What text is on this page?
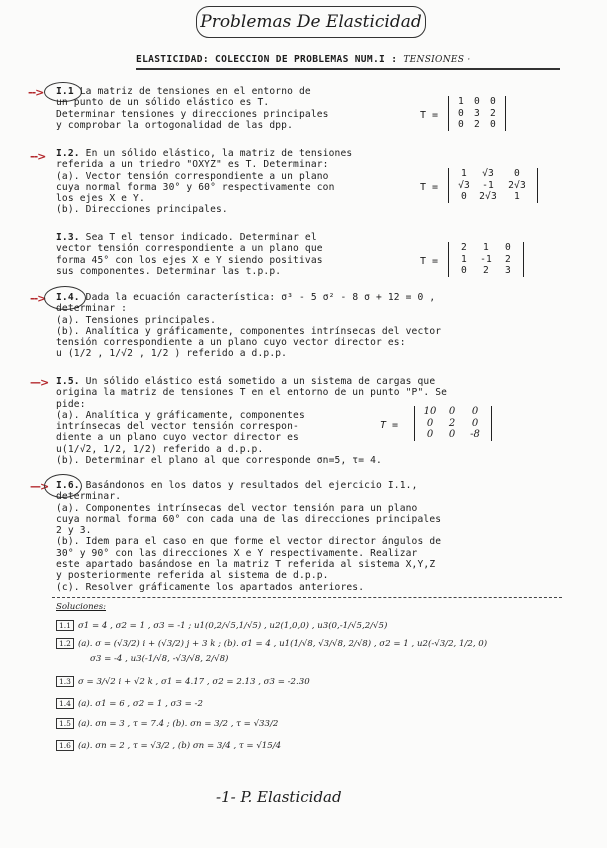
Problemas De Elasticidad
ELASTICIDAD: COLECCION DE PROBLEMAS NUM.I : TENSIONES ·
--> I.1 La matriz de tensiones en el entorno de
un punto de un sólido elástico es T.
Determinar tensiones y direcciones principales
y comprobar la ortogonalidad de las dpp.
T =
1	0	0
0	3	2
0	2	0
--> I.2. En un sólido elástico, la matriz de tensiones
referida a un triedro "OXYZ" es T. Determinar:
(a). Vector tensión correspondiente a un plano
cuya normal forma 30° y 60° respectivamente con
los ejes X e Y.
(b). Direcciones principales.
T =
1	√3	0
√3	-1	2√3
0	2√3	1
I.3. Sea T el tensor indicado. Determinar el
vector tensión correspondiente a un plano que
forma 45° con los ejes X e Y siendo positivas
sus componentes. Determinar las t.p.p.
T =
2	1	0
1	-1	2
0	2	3
--> I.4. Dada la ecuación característica: σ³ - 5 σ² - 8 σ + 12 = 0 ,
determinar :
(a). Tensiones principales.
(b). Analítica y gráficamente, componentes intrínsecas del vector
tensión correspondiente a un plano cuyo vector director es:
u (1/2 , 1/√2 , 1/2 ) referido a d.p.p.
—> I.5. Un sólido elástico está sometido a un sistema de cargas que
origina la matriz de tensiones T en el entorno de un punto "P". Se
pide:
(a). Analítica y gráficamente, componentes
intrínsecas del vector tensión correspon-
diente a un plano cuyo vector director es
u(1/√2, 1/2, 1/2) referido a d.p.p.
(b). Determinar el plano al que corresponde σn=5, τ= 4.
T =
10	0	0
0	2	0
0	0	-8
—> I.6. Basándonos en los datos y resultados del ejercicio I.1.,
determinar.
(a). Componentes intrínsecas del vector tensión para un plano
cuya normal forma 60° con cada una de las direcciones principales
2 y 3.
(b). Idem para el caso en que forme el vector director ángulos de
30° y 90° con las direcciones X e Y respectivamente. Realizar
este apartado basándose en la matriz T referida al sistema X,Y,Z
y posteriormente referida al sistema de d.p.p.
(c). Resolver gráficamente los apartados anteriores.
Soluciones:
1.1 σ1 = 4 , σ2 = 1 , σ3 = -1 ; u1(0,2/√5,1/√5) , u2(1,0,0) , u3(0,-1/√5,2/√5)
1.2 (a). σ = (√3/2) i + (√3/2) j + 3 k ; (b). σ1 = 4 , u1(1/√8, √3/√8, 2/√8) , σ2 = 1 , u2(-√3/2, 1/2, 0)
σ3 = -4 , u3(-1/√8, -√3/√8, 2/√8)
1.3 σ = 3/√2 i + √2 k , σ1 = 4.17 , σ2 = 2.13 , σ3 = -2.30
1.4 (a). σ1 = 6 , σ2 = 1 , σ3 = -2
1.5 (a). σn = 3 , τ = 7.4 ; (b). σn = 3/2 , τ = √33/2
1.6 (a). σn = 2 , τ = √3/2 , (b) σn = 3/4 , τ = √15/4
-1- P. Elasticidad
